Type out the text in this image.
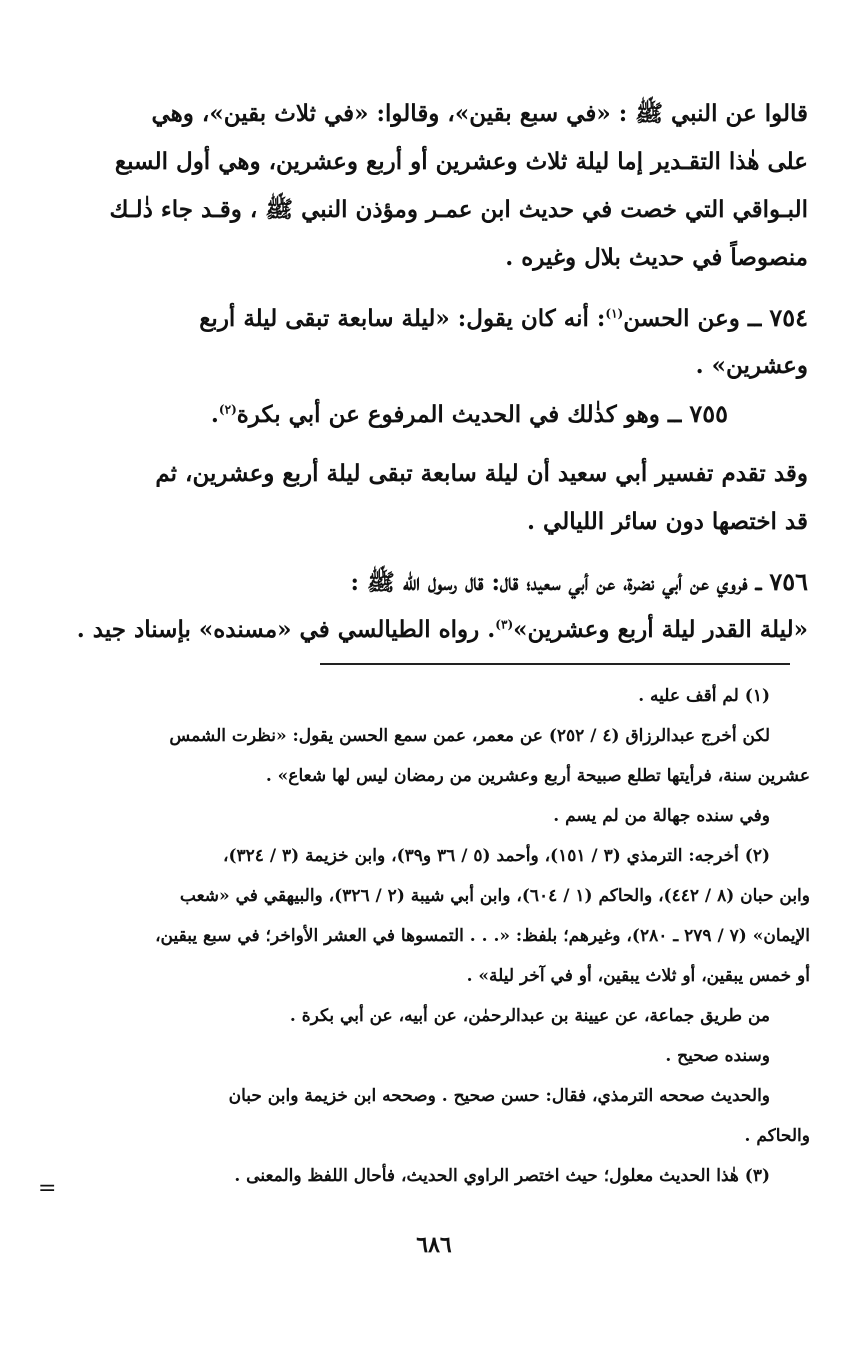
قالوا عن النبي ﷺ : «في سبع بقين»، وقالوا: «في ثلاث بقين»، وهي
على هٰذا التقـدير إما ليلة ثلاث وعشرين أو أربع وعشرين، وهي أول السبع
البـواقي التي خصت في حديث ابن عمـر ومؤذن النبي ﷺ ، وقـد جاء ذٰلـك
منصوصاً في حديث بلال وغيره .
٧٥٤ ــ وعن الحسن$^{(١)}$: أنه كان يقول: «ليلة سابعة تبقى ليلة أربع
وعشرين» .
٧٥٥ ــ وهو كذٰلك في الحديث المرفوع عن أبي بكرة$^{(٢)}$.
وقد تقدم تفسير أبي سعيد أن ليلة سابعة تبقى ليلة أربع وعشرين، ثم
قد اختصها دون سائر الليالي .
٧٥٦ ــ فروي عن أبي نضرة، عن أبي سعيد؛ قال: قال رسول الله ﷺ :
«ليلة القدر ليلة أربع وعشرين»$^{(٣)}$. رواه الطيالسي في «مسنده» بإسناد جيد .
(١) لم أقف عليه .
لكن أخرج عبدالرزاق (٤ / ٢٥٢) عن معمر، عمن سمع الحسن يقول: «نظرت الشمس
عشرين سنة، فرأيتها تطلع صبيحة أربع وعشرين من رمضان ليس لها شعاع» .
وفي سنده جهالة من لم يسم .
(٢) أخرجه: الترمذي (٣ / ١٥١)، وأحمد (٥ / ٣٦ و٣٩)، وابن خزيمة (٣ / ٣٢٤)،
وابن حبان (٨ / ٤٤٢)، والحاكم (١ / ٦٠٤)، وابن أبي شيبة (٢ / ٣٢٦)، والبيهقي في «شعب
الإيمان» (٧ / ٢٧٩ ـ ٢٨٠)، وغيرهم؛ بلفظ: «. . . التمسوها في العشر الأواخر؛ في سبع يبقين،
أو خمس يبقين، أو ثلاث يبقين، أو في آخر ليلة» .
من طريق جماعة، عن عيينة بن عبدالرحمٰن، عن أبيه، عن أبي بكرة .
وسنده صحيح .
والحديث صححه الترمذي، فقال: حسن صحيح . وصححه ابن خزيمة وابن حبان
والحاكم .
(٣) هٰذا الحديث معلول؛ حيث اختصر الراوي الحديث، فأحال اللفظ والمعنى .
=
٦٨٦
